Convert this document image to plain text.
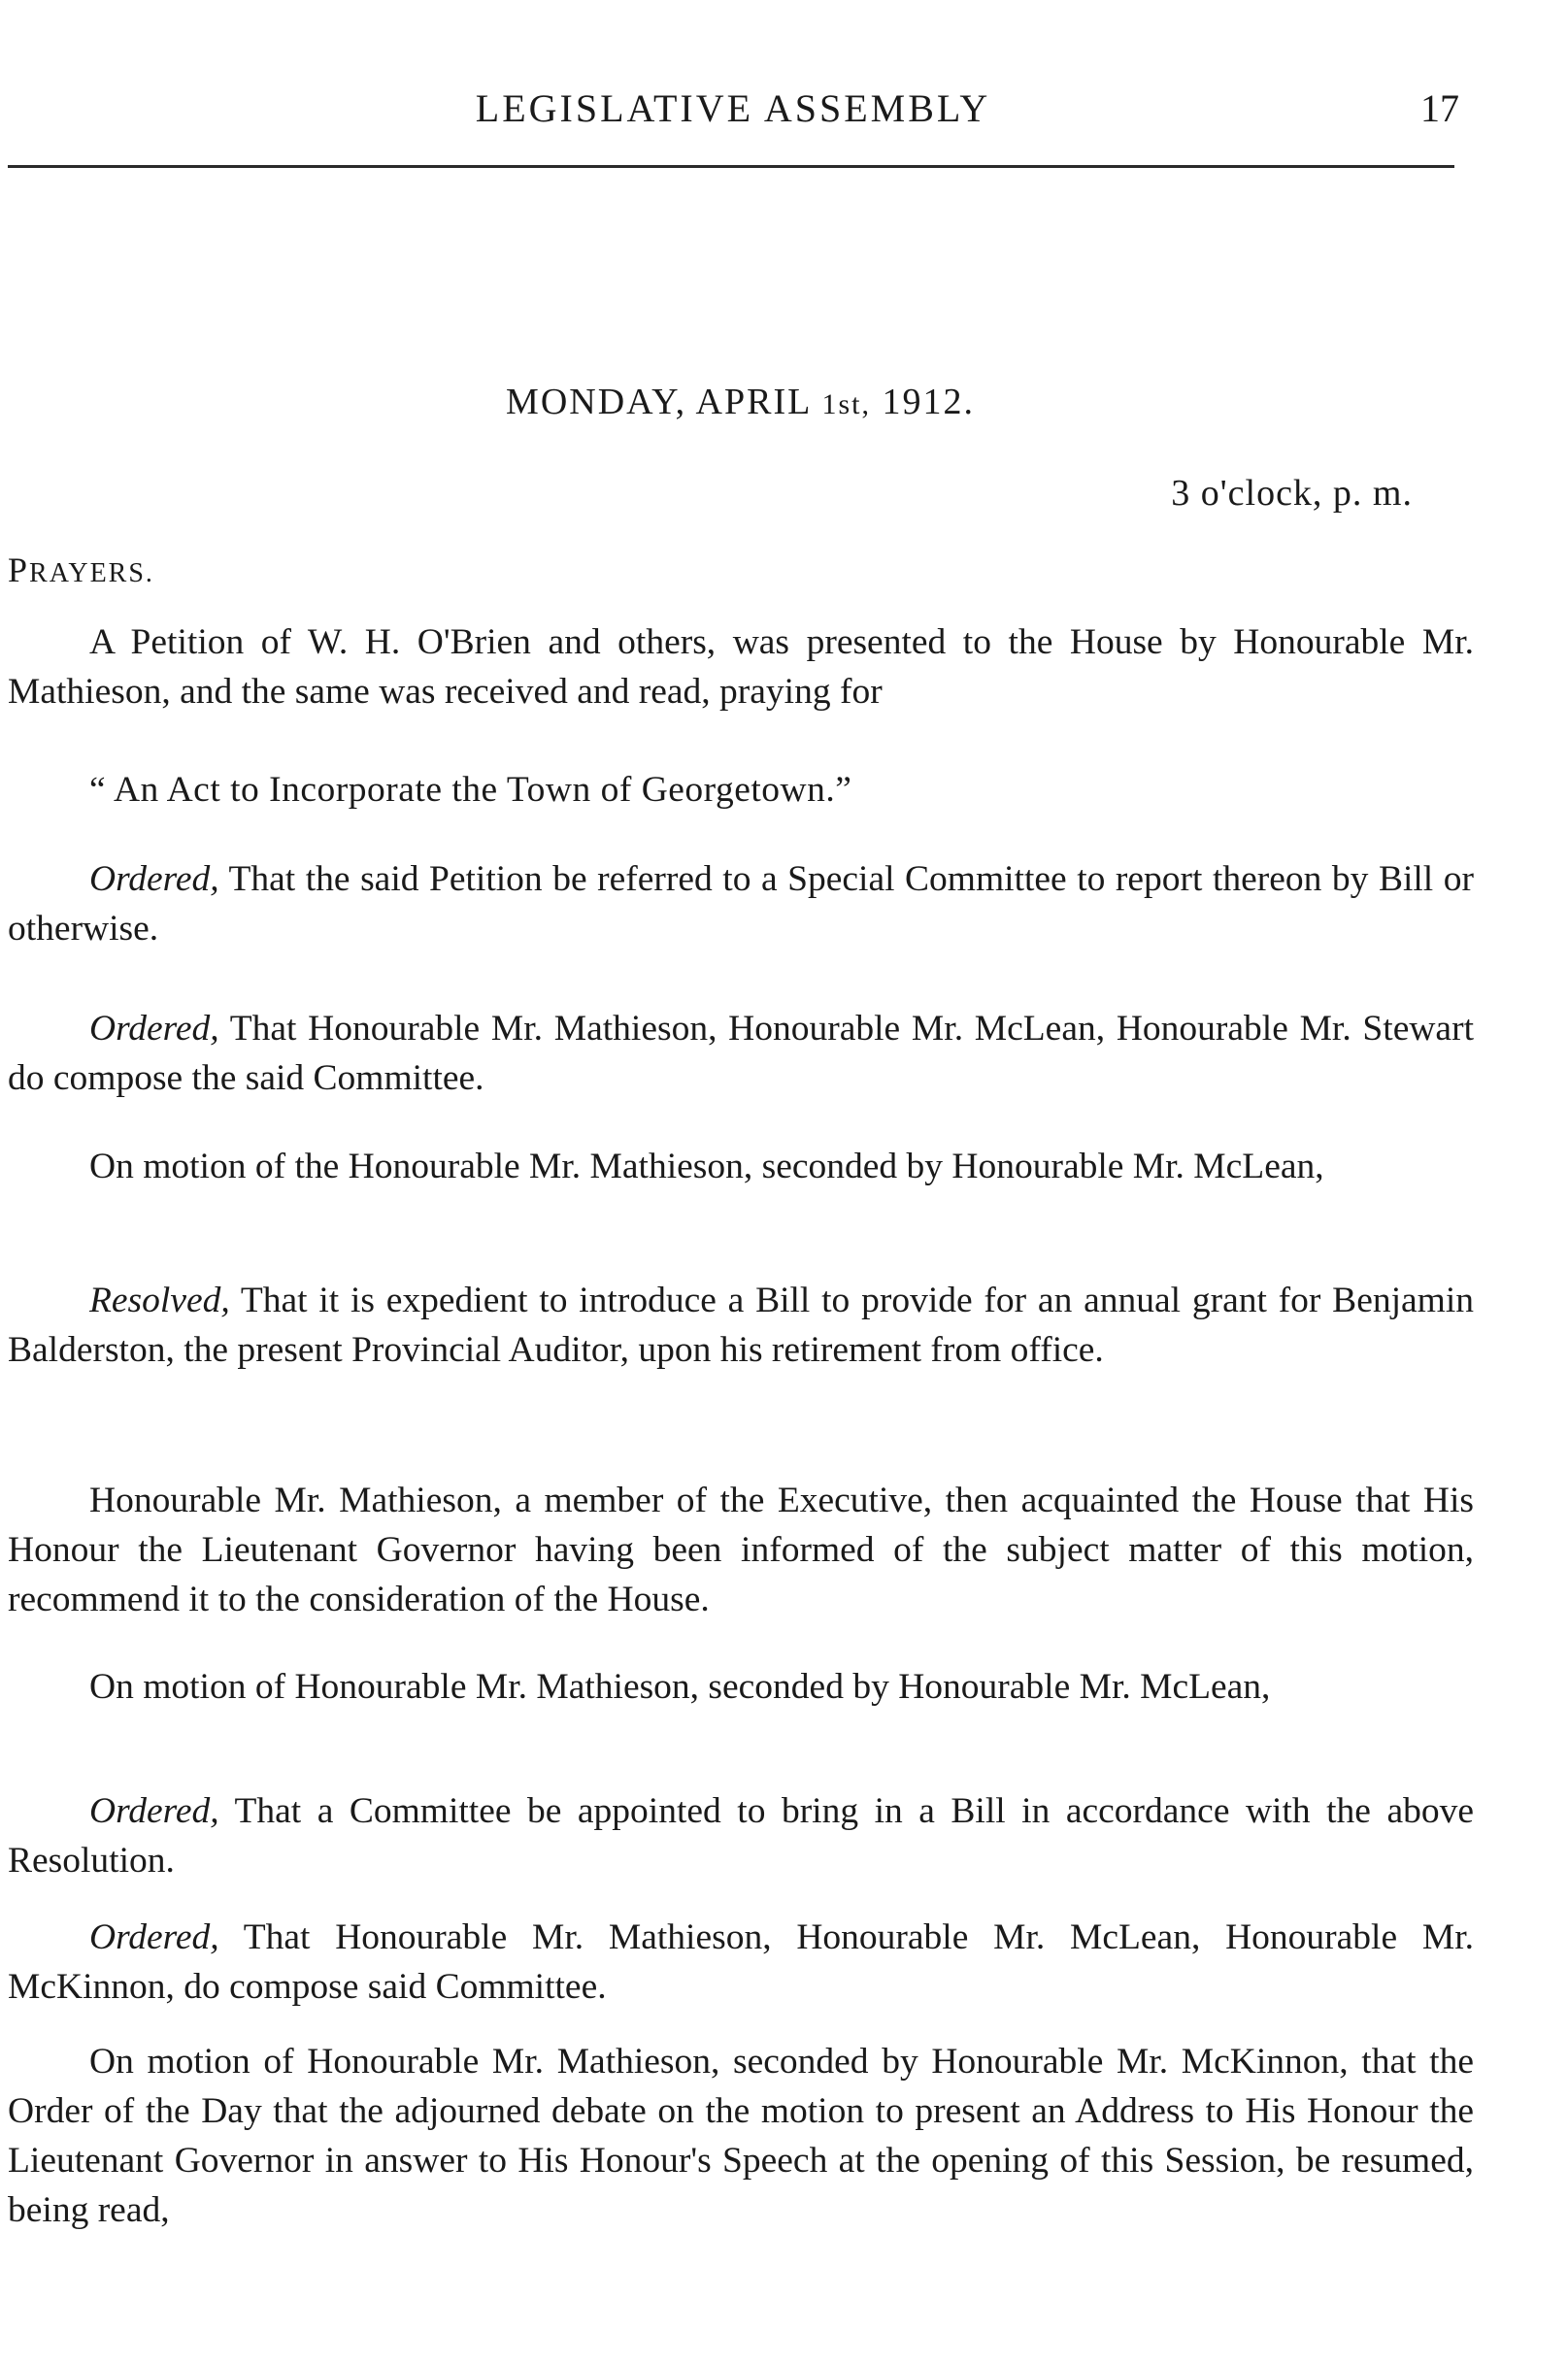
LEGISLATIVE ASSEMBLY	17
MONDAY, APRIL 1st, 1912.
3 o'clock, p. m.
PRAYERS.

A Petition of W. H. O'Brien and others, was presented to the House by Honourable Mr. Mathieson, and the same was received and read, praying for

“ An Act to Incorporate the Town of Georgetown.”

Ordered, That the said Petition be referred to a Special Committee to report thereon by Bill or otherwise.

Ordered, That Honourable Mr. Mathieson, Honourable Mr. McLean, Honourable Mr. Stewart do compose the said Committee.

On motion of the Honourable Mr. Mathieson, seconded by Honourable Mr. McLean,

Resolved, That it is expedient to introduce a Bill to provide for an annual grant for Benjamin Balderston, the present Provincial Auditor, upon his retirement from office.

Honourable Mr. Mathieson, a member of the Executive, then acquainted the House that His Honour the Lieutenant Governor having been informed of the subject matter of this motion, recommend it to the consideration of the House.

On motion of Honourable Mr. Mathieson, seconded by Honourable Mr. McLean,

Ordered, That a Committee be appointed to bring in a Bill in accordance with the above Resolution.

Ordered, That Honourable Mr. Mathieson, Honourable Mr. McLean, Honourable Mr. McKinnon, do compose said Committee.

On motion of Honourable Mr. Mathieson, seconded by Honourable Mr. McKinnon, that the Order of the Day that the adjourned debate on the motion to present an Address to His Honour the Lieutenant Governor in answer to His Honour's Speech at the opening of this Session, be resumed, being read,
